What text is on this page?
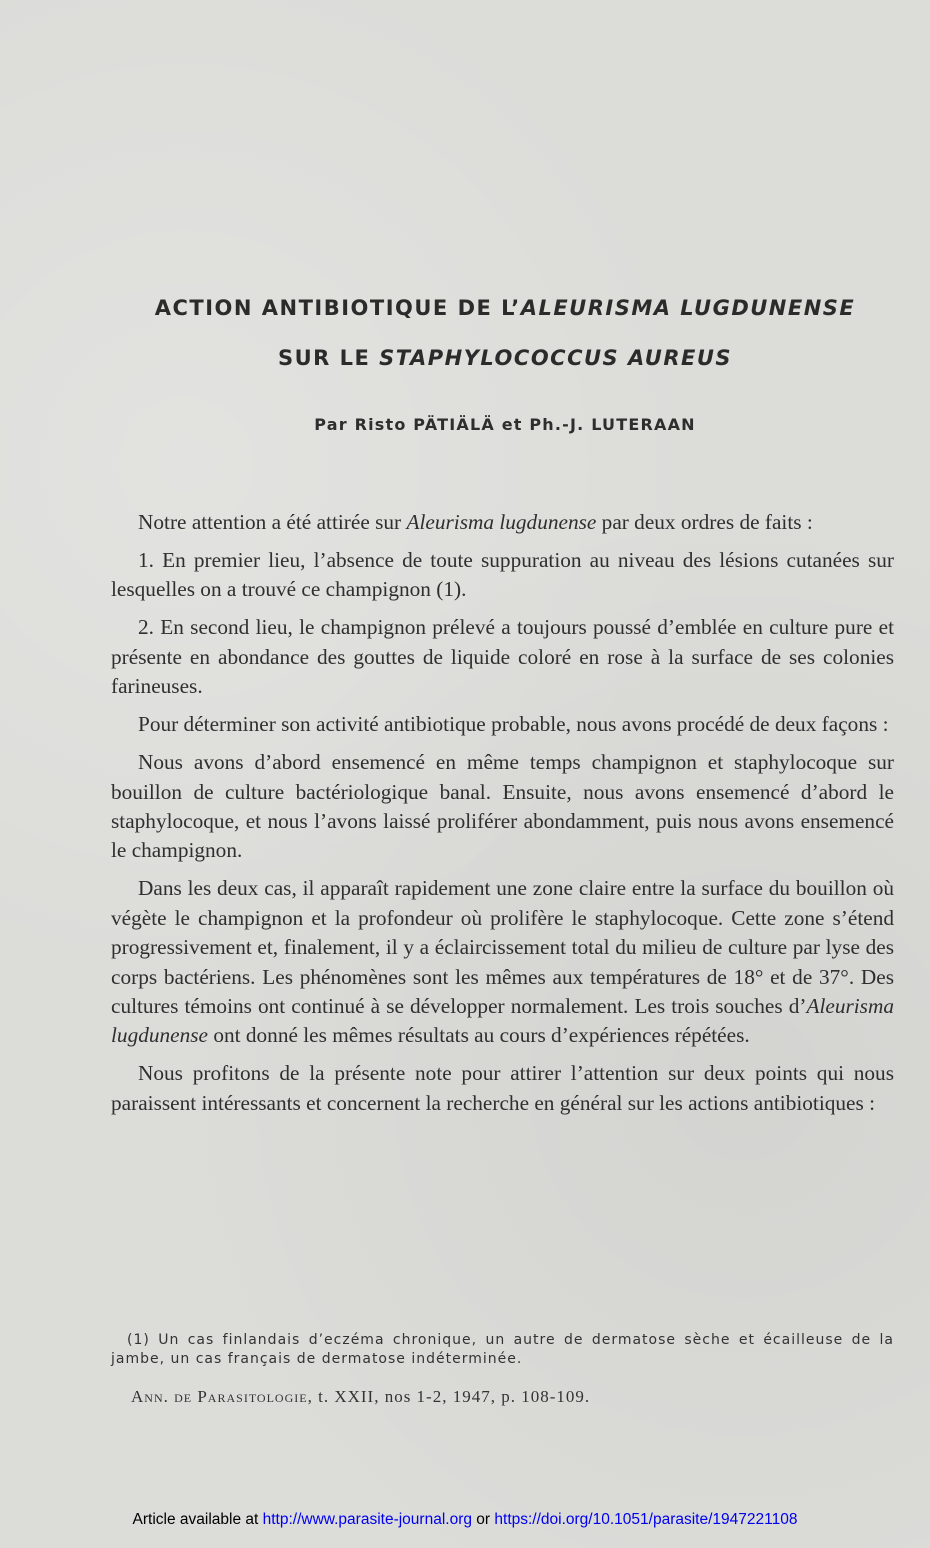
ACTION ANTIBIOTIQUE DE L’ALEURISMA LUGDUNENSE
SUR LE STAPHYLOCOCCUS AUREUS
Par Risto PÄTIÄLÄ et Ph.-J. LUTERAAN

Notre attention a été attirée sur Aleurisma lugdunense par deux ordres de faits :

1. En premier lieu, l’absence de toute suppuration au niveau des lésions cutanées sur lesquelles on a trouvé ce champignon (1).

2. En second lieu, le champignon prélevé a toujours poussé d’emblée en culture pure et présente en abondance des gouttes de liquide coloré en rose à la surface de ses colonies farineuses.

Pour déterminer son activité antibiotique probable, nous avons procédé de deux façons :

Nous avons d’abord ensemencé en même temps champignon et staphylocoque sur bouillon de culture bactériologique banal. Ensuite, nous avons ensemencé d’abord le staphylocoque, et nous l’avons laissé proliférer abondamment, puis nous avons ensemencé le champignon.

Dans les deux cas, il apparaît rapidement une zone claire entre la surface du bouillon où végète le champignon et la profondeur où prolifère le staphylocoque. Cette zone s’étend progressivement et, finalement, il y a éclaircissement total du milieu de culture par lyse des corps bactériens. Les phénomènes sont les mêmes aux températures de 18° et de 37°. Des cultures témoins ont continué à se développer normalement. Les trois souches d’Aleurisma lugdunense ont donné les mêmes résultats au cours d’expériences répétées.

Nous profitons de la présente note pour attirer l’attention sur deux points qui nous paraissent intéressants et concernent la recherche en général sur les actions antibiotiques :

(1) Un cas finlandais d’eczéma chronique, un autre de dermatose sèche et écailleuse de la jambe, un cas français de dermatose indéterminée.
Ann. de Parasitologie, t. XXII, nos 1-2, 1947, p. 108-109.
Article available at http://www.parasite-journal.org or https://doi.org/10.1051/parasite/1947221108
